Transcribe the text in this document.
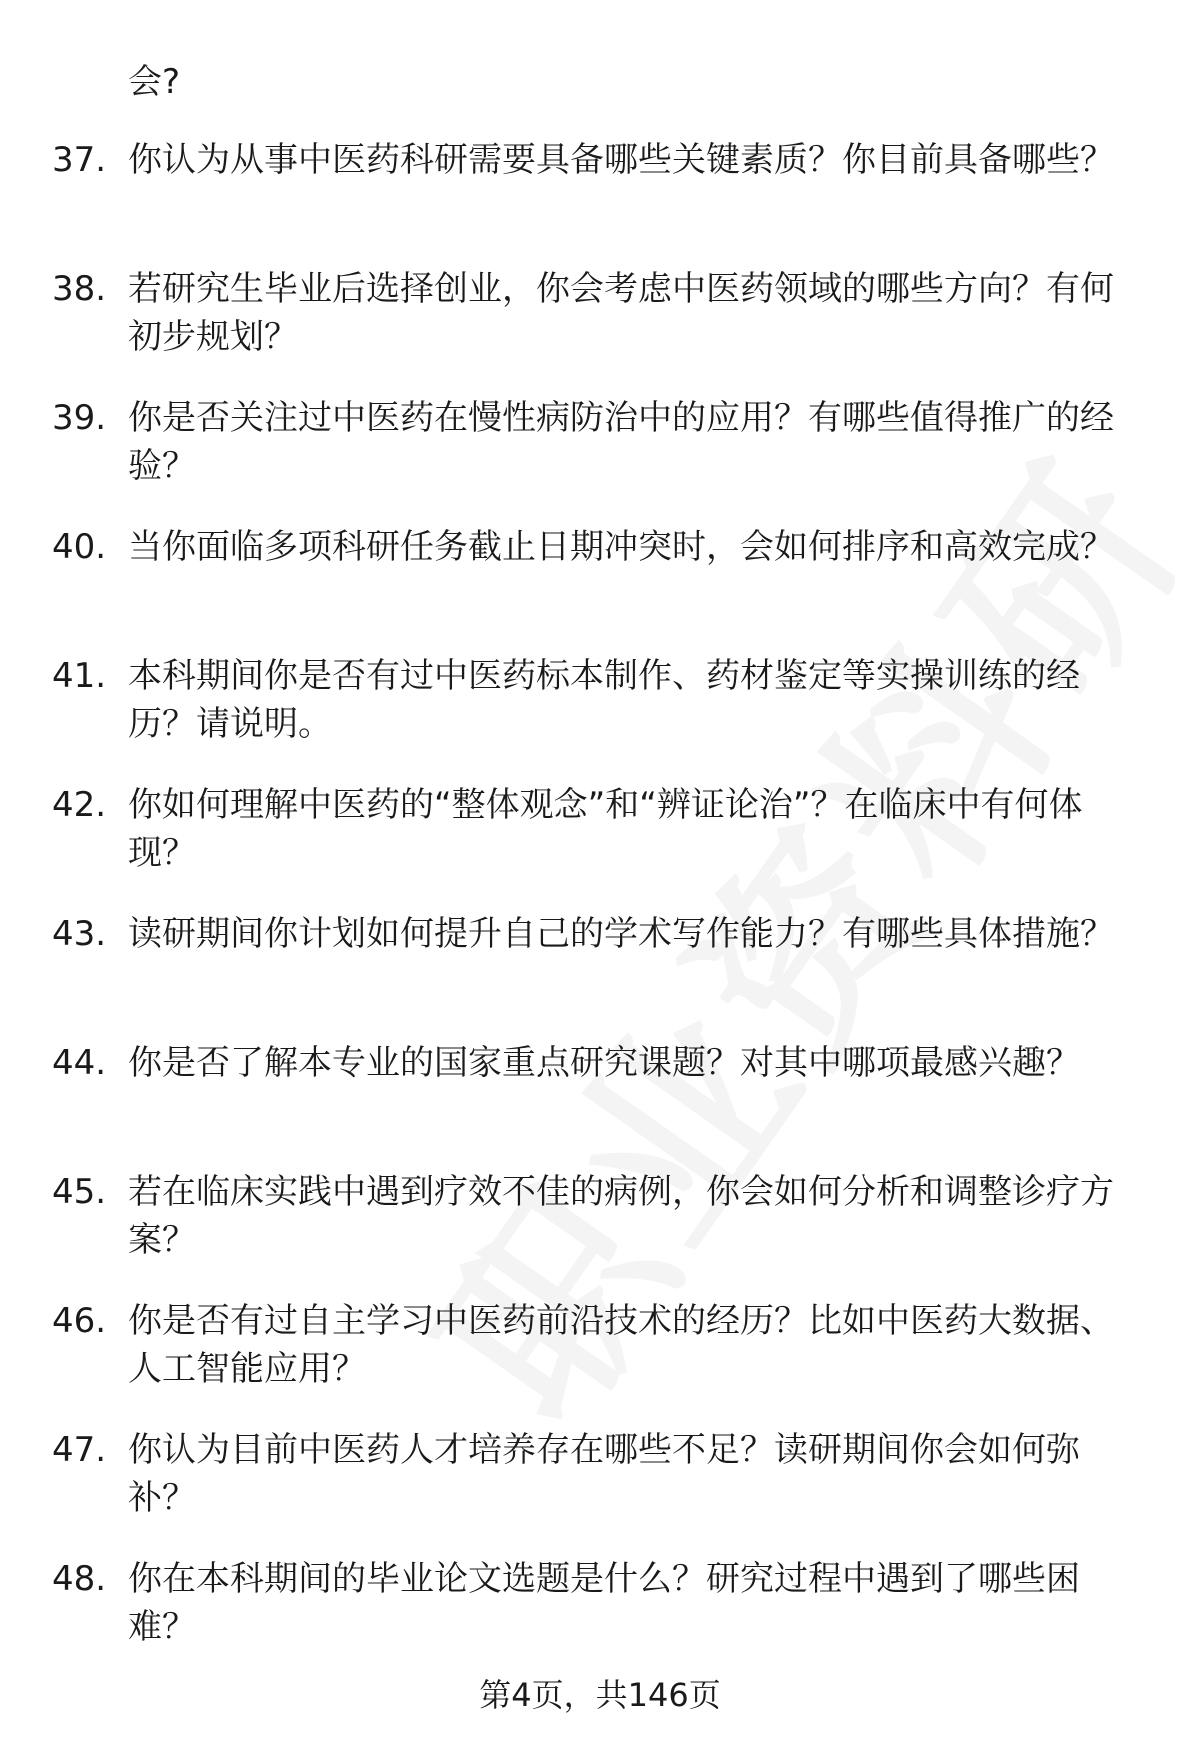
会?
37. 你认为从事中医药科研需要具备哪些关键素质？你目前具备哪些？
38. 若研究生毕业后选择创业，你会考虑中医药领域的哪些方向？有何初步规划？
39. 你是否关注过中医药在慢性病防治中的应用？有哪些值得推广的经验？
40. 当你面临多项科研任务截止日期冲突时，会如何排序和高效完成？
41. 本科期间你是否有过中医药标本制作、药材鉴定等实操训练的经历？请说明。
42. 你如何理解中医药的“整体观念”和“辨证论治”？在临床中有何体现？
43. 读研期间你计划如何提升自己的学术写作能力？有哪些具体措施？
44. 你是否了解本专业的国家重点研究课题？对其中哪项最感兴趣？
45. 若在临床实践中遇到疗效不佳的病例，你会如何分析和调整诊疗方案？
46. 你是否有过自主学习中医药前沿技术的经历？比如中医药大数据、人工智能应用？
47. 你认为目前中医药人才培养存在哪些不足？读研期间你会如何弥补？
48. 你在本科期间的毕业论文选题是什么？研究过程中遇到了哪些困难？
第4页，共146页
